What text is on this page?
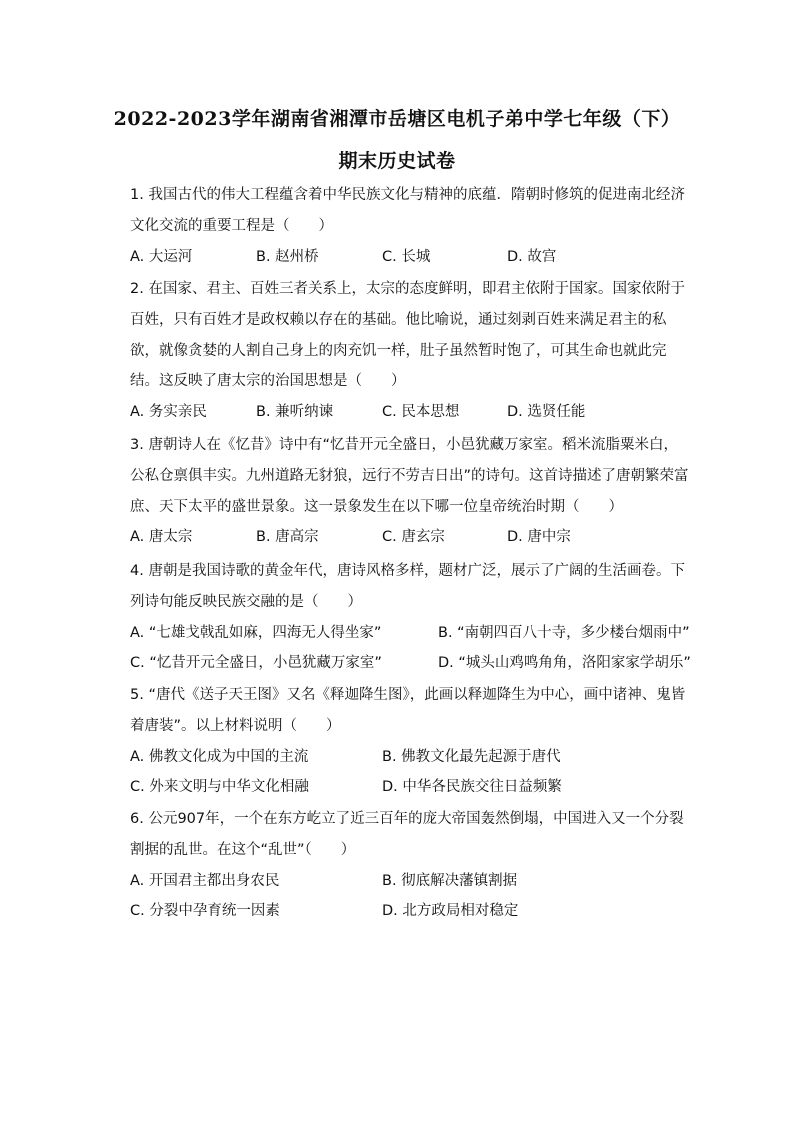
2022-2023学年湖南省湘潭市岳塘区电机子弟中学七年级（下）
期末历史试卷

1. 我国古代的伟大工程蕴含着中华民族文化与精神的底蕴．隋朝时修筑的促进南北经济文化交流的重要工程是（　　）

A. 大运河	B. 赵州桥	C. 长城	D. 故宫

2. 在国家、君主、百姓三者关系上，太宗的态度鲜明，即君主依附于国家。国家依附于百姓，只有百姓才是政权赖以存在的基础。他比喻说，通过刻剥百姓来满足君主的私欲，就像贪婪的人割自己身上的肉充饥一样，肚子虽然暂时饱了，可其生命也就此完结。这反映了唐太宗的治国思想是（　　）

A. 务实亲民	B. 兼听纳谏	C. 民本思想	D. 选贤任能

3. 唐朝诗人在《忆昔》诗中有“忆昔开元全盛日，小邑犹藏万家室。稻米流脂粟米白，公私仓禀俱丰实。九州道路无豺狼，远行不劳吉日出”的诗句。这首诗描述了唐朝繁荣富庶、天下太平的盛世景象。这一景象发生在以下哪一位皇帝统治时期（　　）

A. 唐太宗	B. 唐高宗	C. 唐玄宗	D. 唐中宗

4. 唐朝是我国诗歌的黄金年代，唐诗风格多样，题材广泛，展示了广阔的生活画卷。下列诗句能反映民族交融的是（　　）

A. “七雄戈戟乱如麻，四海无人得坐家”	B. “南朝四百八十寺，多少楼台烟雨中”
C. “忆昔开元全盛日，小邑犹藏万家室”	D. “城头山鸡鸣角角，洛阳家家学胡乐”

5. “唐代《送子天王图》又名《释迦降生图》，此画以释迦降生为中心，画中诸神、鬼皆着唐装”。以上材料说明（　　）

A. 佛教文化成为中国的主流	B. 佛教文化最先起源于唐代
C. 外来文明与中华文化相融	D. 中华各民族交往日益频繁

6. 公元907年，一个在东方屹立了近三百年的庞大帝国轰然倒塌，中国进入又一个分裂割据的乱世。在这个“乱世”（　　）

A. 开国君主都出身农民	B. 彻底解决藩镇割据
C. 分裂中孕育统一因素	D. 北方政局相对稳定
